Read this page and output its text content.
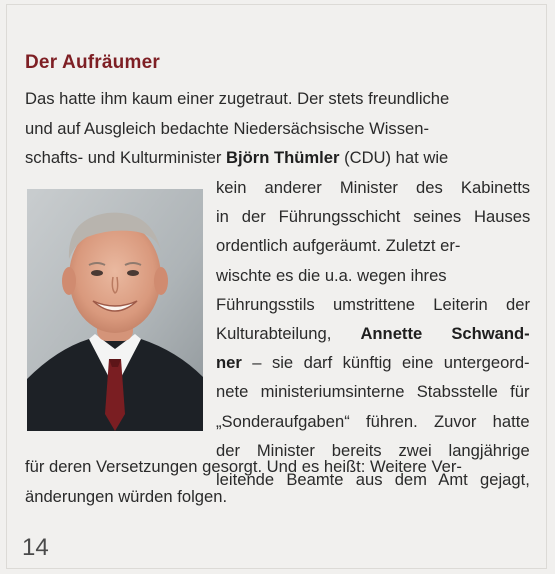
Der Aufräumer
Das hatte ihm kaum einer zugetraut. Der stets freundliche
und auf Ausgleich bedachte Niedersächsische Wissen-
schafts- und Kulturminister Björn Thümler (CDU) hat wie
kein anderer Minister des Kabinetts
in der Führungsschicht seines Hauses
ordentlich aufgeräumt. Zuletzt er-
wischte es die u.a. wegen ihres
Führungsstils umstrittene Leiterin der
Kulturabteilung, Annette Schwand-
ner – sie darf künftig eine untergeord-
nete ministeriumsinterne Stabsstelle für
„Sonderaufgaben“ führen. Zuvor hatte
der Minister bereits zwei langjährige
leitende Beamte aus dem Amt gejagt,
für deren Versetzungen gesorgt. Und es heißt: Weitere Ver-
änderungen würden folgen.
14
